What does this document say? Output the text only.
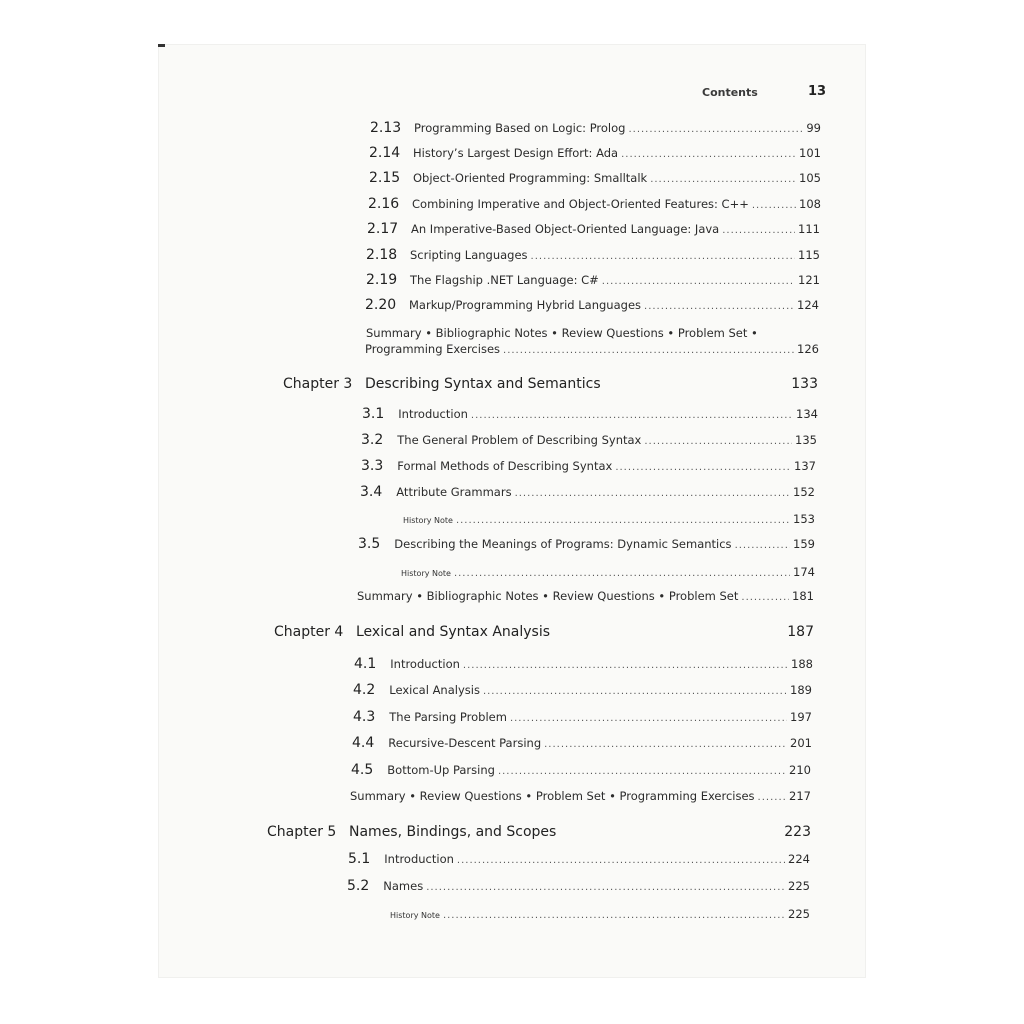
Contents	13
2.13	Programming Based on Logic: Prolog .....	99
2.14	History’s Largest Design Effort: Ada .....	101
2.15	Object-Oriented Programming: Smalltalk .....	105
2.16	Combining Imperative and Object-Oriented Features: C++ .....	108
2.17	An Imperative-Based Object-Oriented Language: Java .....	111
2.18	Scripting Languages .....	115
2.19	The Flagship .NET Language: C# .....	121
2.20	Markup/Programming Hybrid Languages .....	124
Summary • Bibliographic Notes • Review Questions • Problem Set •
Programming Exercises .....	126
Chapter 3 Describing Syntax and Semantics	133
3.1	Introduction .....	134
3.2	The General Problem of Describing Syntax .....	135
3.3	Formal Methods of Describing Syntax .....	137
3.4	Attribute Grammars .....	152
History Note .....	153
3.5	Describing the Meanings of Programs: Dynamic Semantics .....	159
History Note .....	174
Summary • Bibliographic Notes • Review Questions • Problem Set .....	181
Chapter 4 Lexical and Syntax Analysis	187
4.1	Introduction .....	188
4.2	Lexical Analysis .....	189
4.3	The Parsing Problem .....	197
4.4	Recursive-Descent Parsing .....	201
4.5	Bottom-Up Parsing .....	210
Summary • Review Questions • Problem Set • Programming Exercises .....	217
Chapter 5 Names, Bindings, and Scopes	223
5.1	Introduction .....	224
5.2	Names .....	225
History Note .....	225
